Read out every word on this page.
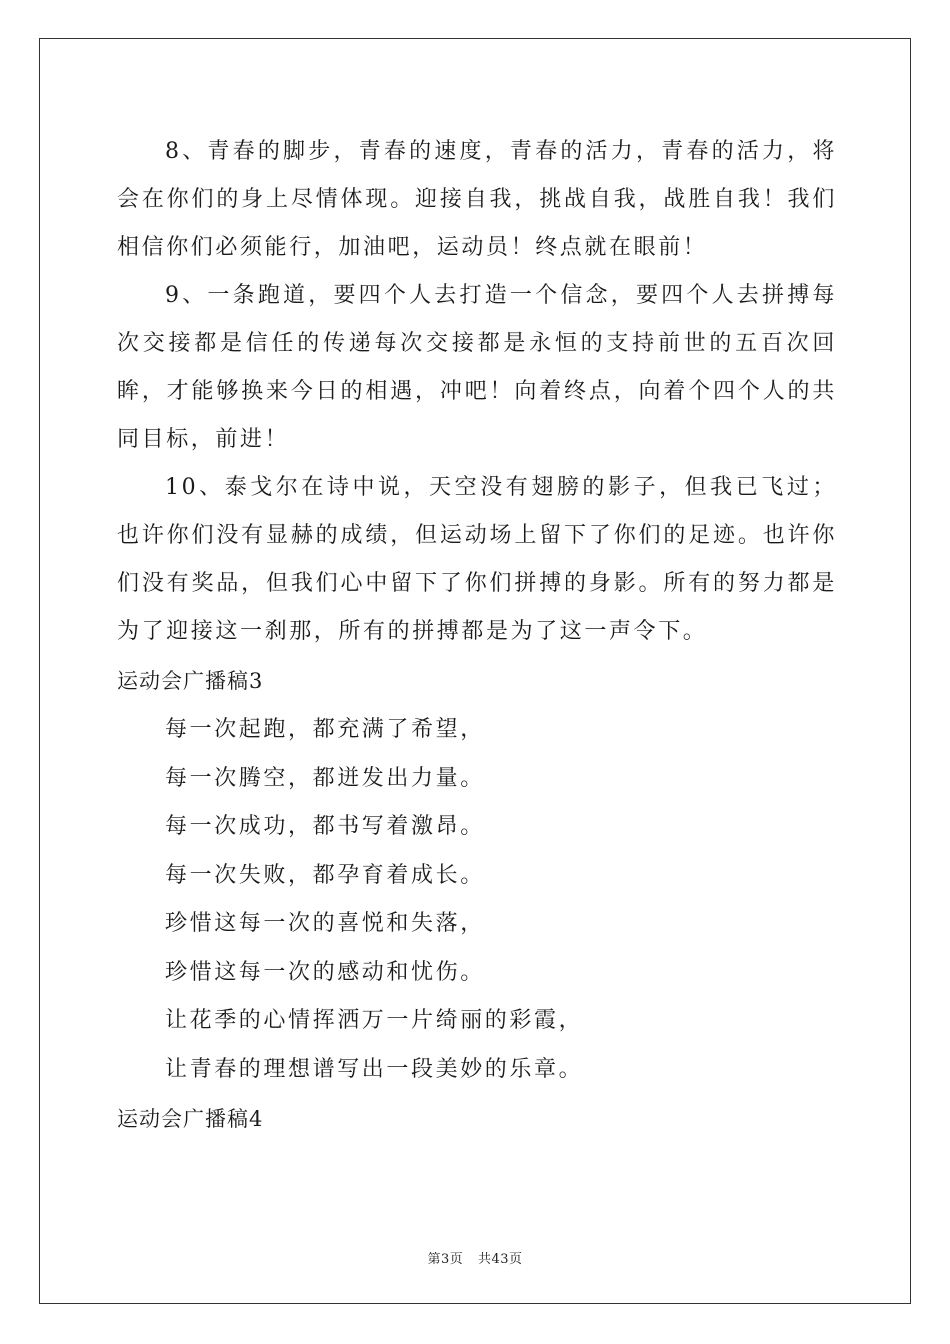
8、青春的脚步，青春的速度，青春的活力，青春的活力，将会在你们的身上尽情体现。迎接自我，挑战自我，战胜自我！我们相信你们必须能行，加油吧，运动员！终点就在眼前！

9、一条跑道，要四个人去打造一个信念，要四个人去拼搏每次交接都是信任的传递每次交接都是永恒的支持前世的五百次回眸，才能够换来今日的相遇，冲吧！向着终点，向着个四个人的共同目标，前进！

10、泰戈尔在诗中说，天空没有翅膀的影子，但我已飞过；也许你们没有显赫的成绩，但运动场上留下了你们的足迹。也许你们没有奖品，但我们心中留下了你们拼搏的身影。所有的努力都是为了迎接这一刹那，所有的拼搏都是为了这一声令下。

运动会广播稿3

每一次起跑，都充满了希望，

每一次腾空，都迸发出力量。

每一次成功，都书写着激昂。

每一次失败，都孕育着成长。

珍惜这每一次的喜悦和失落，

珍惜这每一次的感动和忧伤。

让花季的心情挥洒万一片绮丽的彩霞，

让青春的理想谱写出一段美妙的乐章。

运动会广播稿4

第3页 共43页
